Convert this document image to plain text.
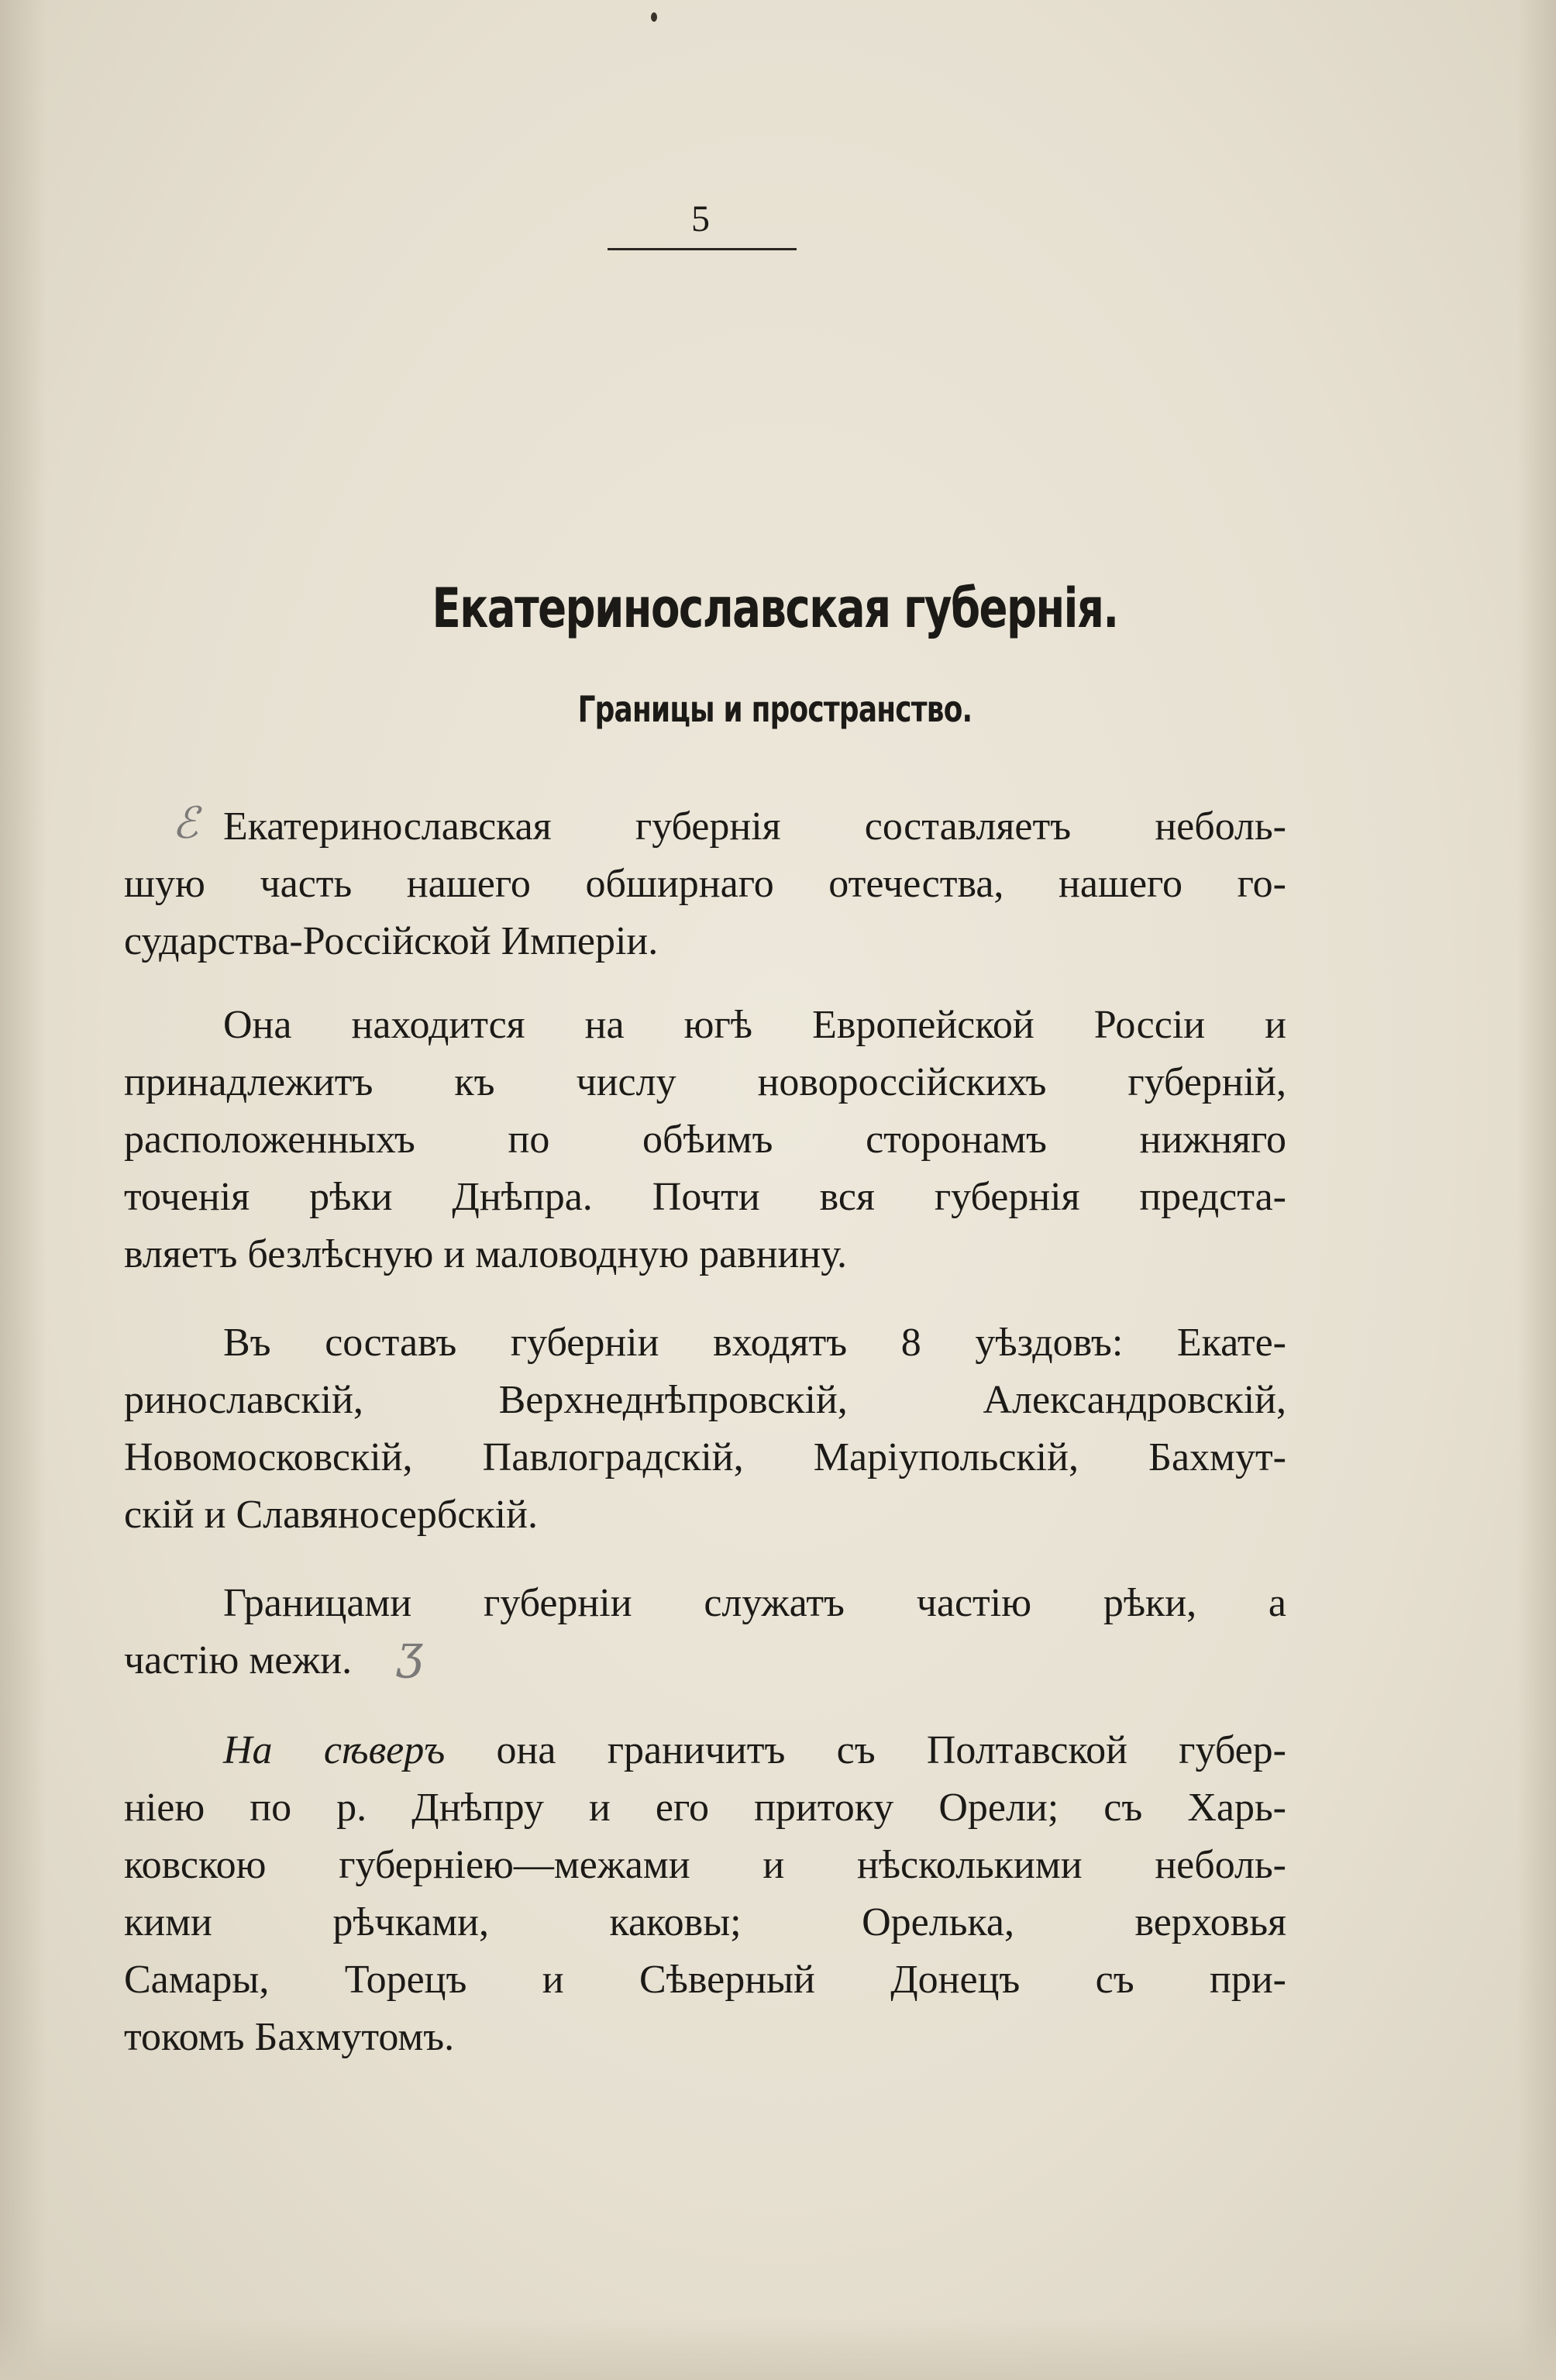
5
Екатеринославская губернія.
Границы и пространство.
Екатеринославская губернія составляетъ неболь-
шую часть нашего обширнаго отечества, нашего го-
сударства-Россійской Имперіи.
Она находится на югѣ Европейской Россіи и
принадлежитъ къ числу новороссійскихъ губерній,
расположенныхъ по обѣимъ сторонамъ нижняго
точенія рѣки Днѣпра. Почти вся губернія предста-
вляетъ безлѣсную и маловодную равнину.
Въ составъ губерніи входятъ 8 уѣздовъ: Екате-
ринославскій, Верхнеднѣпровскій, Александровскій,
Новомосковскій, Павлоградскій, Маріупольскій, Бахмут-
скій и Славяносербскій.
Границами губерніи служатъ частію рѣки, а
частію межи.
На сѣверъ она граничитъ съ Полтавской губер-
ніею по р. Днѣпру и его притоку Орели; съ Харь-
ковскою губерніею—межами и нѣсколькими неболь-
кими рѣчками, каковы; Орелька, верховья
Самары, Торецъ и Сѣверный Донецъ съ при-
токомъ Бахмутомъ.
ℰ
ʒ
